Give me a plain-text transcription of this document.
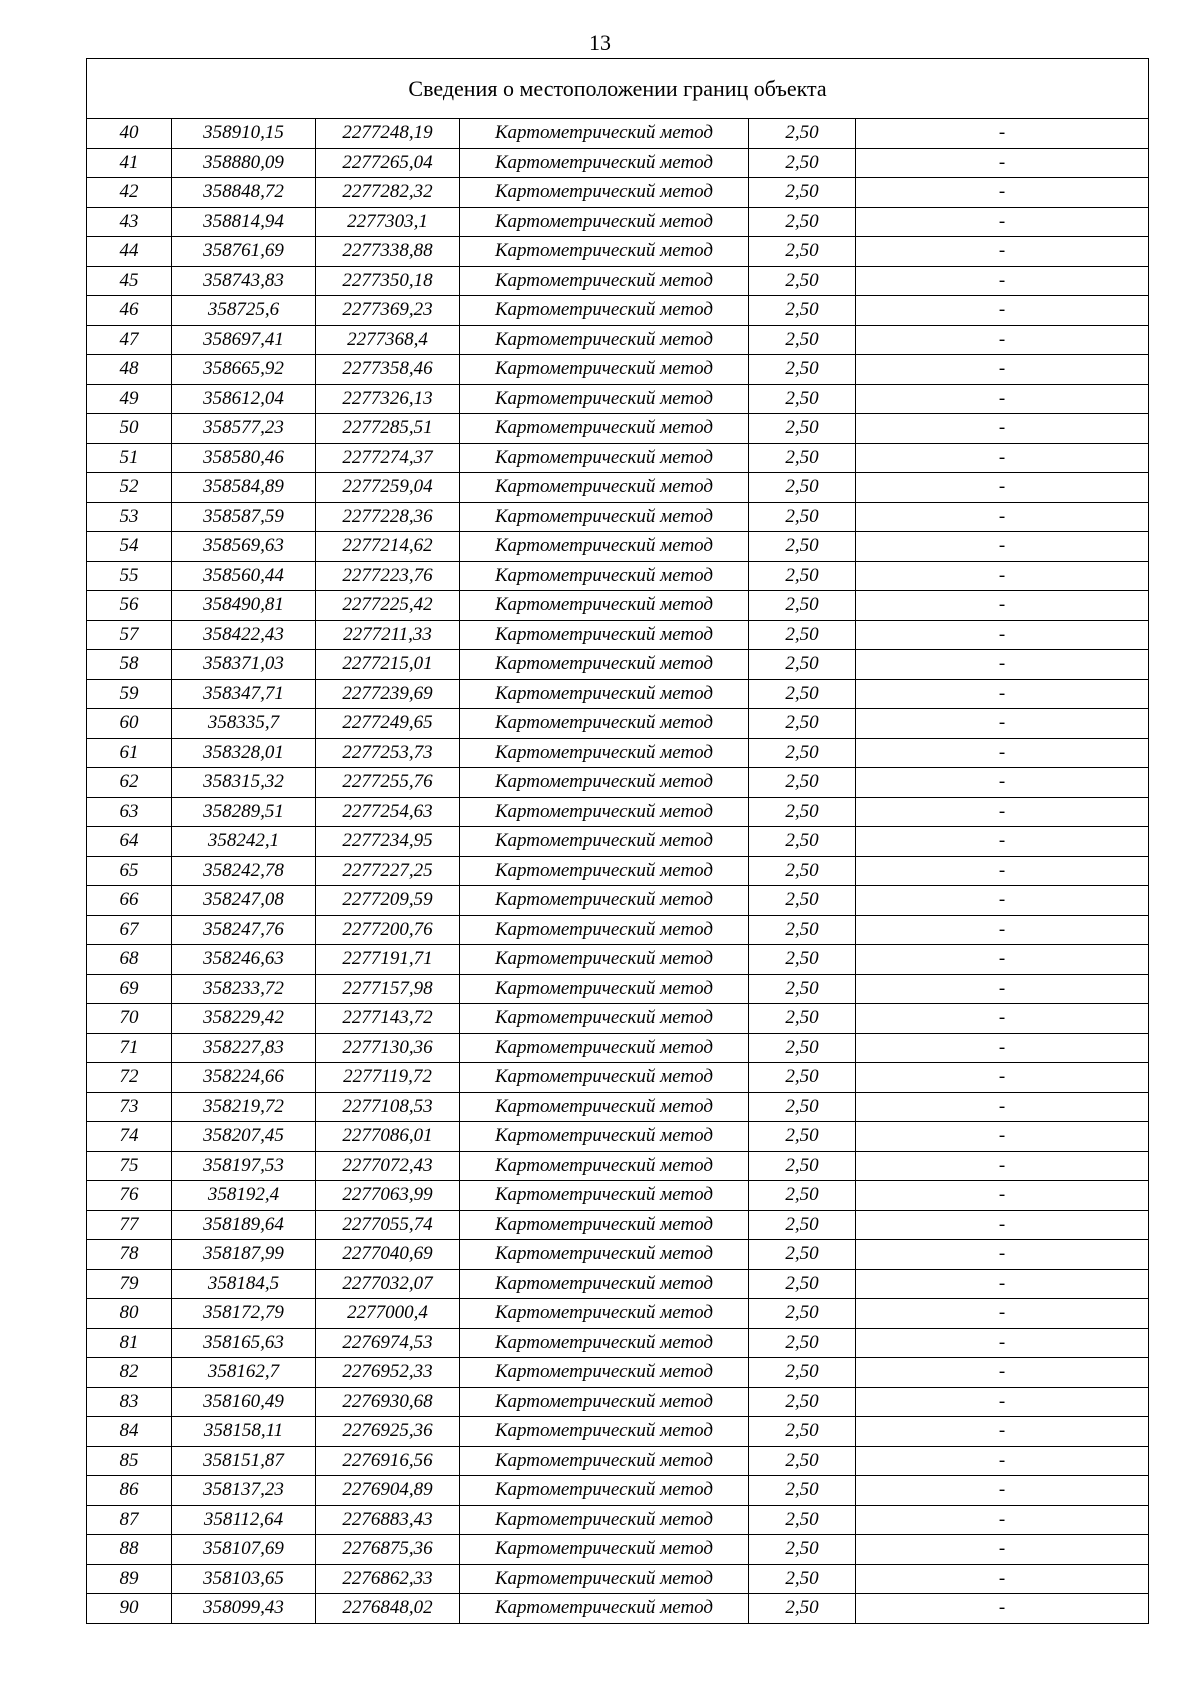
13
Сведения о местоположении границ объекта					
40	358910,15	2277248,19	Картометрический метод	2,50	-
41	358880,09	2277265,04	Картометрический метод	2,50	-
42	358848,72	2277282,32	Картометрический метод	2,50	-
43	358814,94	2277303,1	Картометрический метод	2,50	-
44	358761,69	2277338,88	Картометрический метод	2,50	-
45	358743,83	2277350,18	Картометрический метод	2,50	-
46	358725,6	2277369,23	Картометрический метод	2,50	-
47	358697,41	2277368,4	Картометрический метод	2,50	-
48	358665,92	2277358,46	Картометрический метод	2,50	-
49	358612,04	2277326,13	Картометрический метод	2,50	-
50	358577,23	2277285,51	Картометрический метод	2,50	-
51	358580,46	2277274,37	Картометрический метод	2,50	-
52	358584,89	2277259,04	Картометрический метод	2,50	-
53	358587,59	2277228,36	Картометрический метод	2,50	-
54	358569,63	2277214,62	Картометрический метод	2,50	-
55	358560,44	2277223,76	Картометрический метод	2,50	-
56	358490,81	2277225,42	Картометрический метод	2,50	-
57	358422,43	2277211,33	Картометрический метод	2,50	-
58	358371,03	2277215,01	Картометрический метод	2,50	-
59	358347,71	2277239,69	Картометрический метод	2,50	-
60	358335,7	2277249,65	Картометрический метод	2,50	-
61	358328,01	2277253,73	Картометрический метод	2,50	-
62	358315,32	2277255,76	Картометрический метод	2,50	-
63	358289,51	2277254,63	Картометрический метод	2,50	-
64	358242,1	2277234,95	Картометрический метод	2,50	-
65	358242,78	2277227,25	Картометрический метод	2,50	-
66	358247,08	2277209,59	Картометрический метод	2,50	-
67	358247,76	2277200,76	Картометрический метод	2,50	-
68	358246,63	2277191,71	Картометрический метод	2,50	-
69	358233,72	2277157,98	Картометрический метод	2,50	-
70	358229,42	2277143,72	Картометрический метод	2,50	-
71	358227,83	2277130,36	Картометрический метод	2,50	-
72	358224,66	2277119,72	Картометрический метод	2,50	-
73	358219,72	2277108,53	Картометрический метод	2,50	-
74	358207,45	2277086,01	Картометрический метод	2,50	-
75	358197,53	2277072,43	Картометрический метод	2,50	-
76	358192,4	2277063,99	Картометрический метод	2,50	-
77	358189,64	2277055,74	Картометрический метод	2,50	-
78	358187,99	2277040,69	Картометрический метод	2,50	-
79	358184,5	2277032,07	Картометрический метод	2,50	-
80	358172,79	2277000,4	Картометрический метод	2,50	-
81	358165,63	2276974,53	Картометрический метод	2,50	-
82	358162,7	2276952,33	Картометрический метод	2,50	-
83	358160,49	2276930,68	Картометрический метод	2,50	-
84	358158,11	2276925,36	Картометрический метод	2,50	-
85	358151,87	2276916,56	Картометрический метод	2,50	-
86	358137,23	2276904,89	Картометрический метод	2,50	-
87	358112,64	2276883,43	Картометрический метод	2,50	-
88	358107,69	2276875,36	Картометрический метод	2,50	-
89	358103,65	2276862,33	Картометрический метод	2,50	-
90	358099,43	2276848,02	Картометрический метод	2,50	-
